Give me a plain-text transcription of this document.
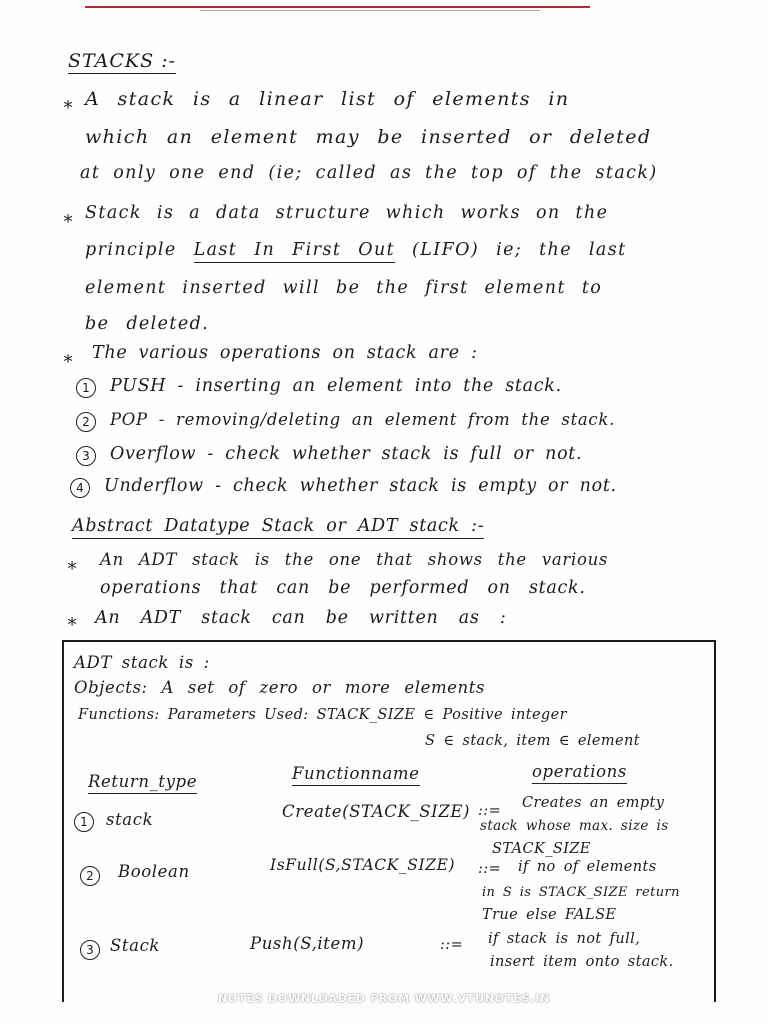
STACKS :-
∗ A stack is a linear list of elements in
which an element may be inserted or deleted
at only one end (ie; called as the top of the stack)
∗ Stack is a data structure which works on the
principle Last In First Out (LIFO) ie; the last
element inserted will be the first element to
be deleted.
∗ The various operations on stack are :
1	PUSH - inserting an element into the stack.
2	POP - removing/deleting an element from the stack.
3	Overflow - check whether stack is full or not.
4	Underflow - check whether stack is empty or not.
Abstract Datatype Stack or ADT stack :-
∗ An ADT stack is the one that shows the various
operations that can be performed on stack.
∗ An ADT stack can be written as :
ADT stack is :
Objects: A set of zero or more elements
Functions: Parameters Used: STACK_SIZE ∈ Positive integer
S ∈ stack, item ∈ element
Return_type	Functionname	operations
1	stack	Create(STACK_SIZE) ::= Creates an empty
stack whose max. size is
STACK_SIZE
2	Boolean	IsFull(S,STACK_SIZE) ::= if no of elements
in S is STACK_SIZE return
True else FALSE
3 Stack	Push(S,item)	::= if stack is not full,
insert item onto stack.
NOTES DOWNLOADED FROM WWW.VTUNOTES.IN
